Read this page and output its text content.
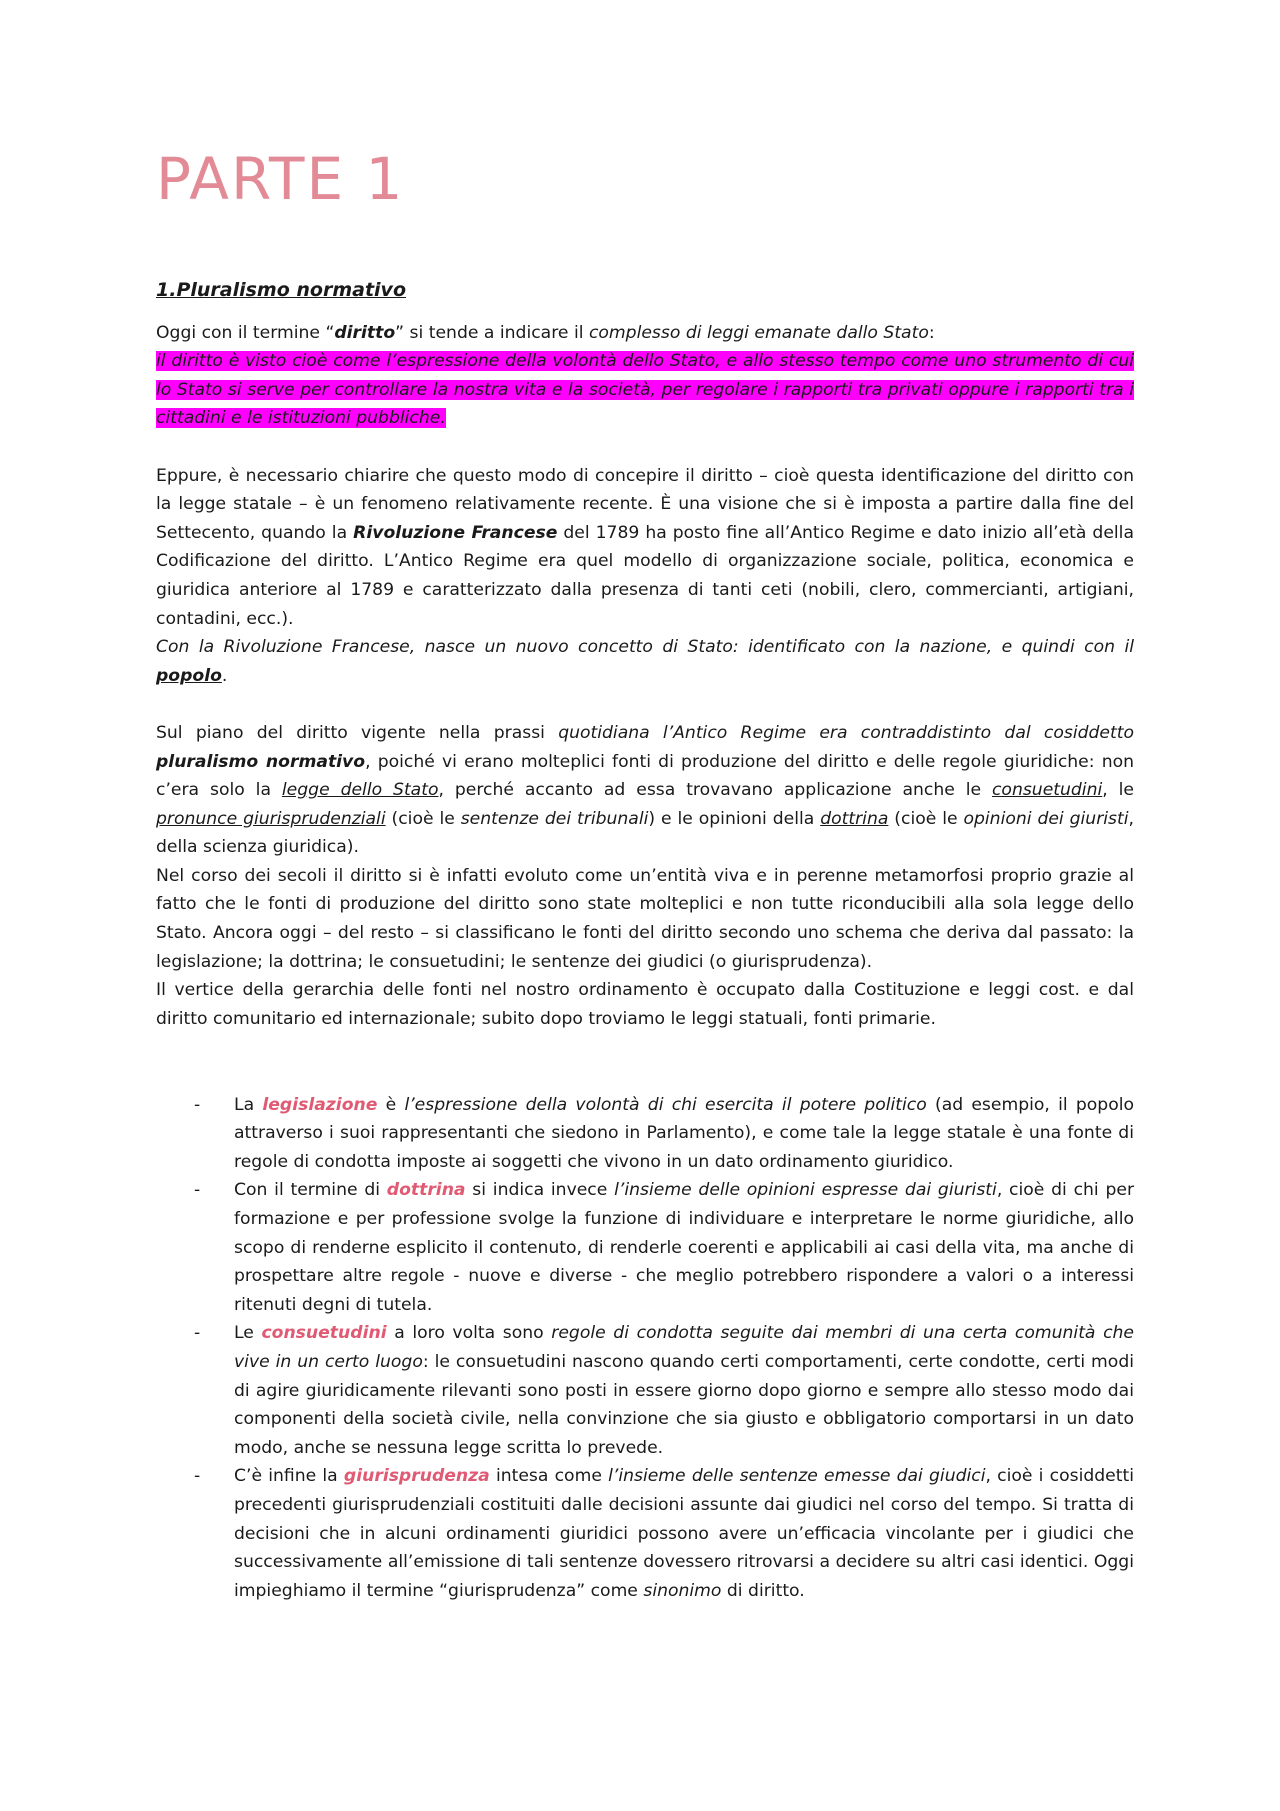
PARTE 1
1.Pluralismo normativo

Oggi con il termine “diritto” si tende a indicare il complesso di leggi emanate dallo Stato:

il diritto è visto cioè come l’espressione della volontà dello Stato, e allo stesso tempo come uno strumento di cui lo Stato si serve per controllare la nostra vita e la società, per regolare i rapporti tra privati oppure i rapporti tra i cittadini e le istituzioni pubbliche.

Eppure, è necessario chiarire che questo modo di concepire il diritto – cioè questa identificazione del diritto con la legge statale – è un fenomeno relativamente recente. È una visione che si è imposta a partire dalla fine del Settecento, quando la Rivoluzione Francese del 1789 ha posto fine all’Antico Regime e dato inizio all’età della Codificazione del diritto. L’Antico Regime era quel modello di organizzazione sociale, politica, economica e giuridica anteriore al 1789 e caratterizzato dalla presenza di tanti ceti (nobili, clero, commercianti, artigiani, contadini, ecc.).

Con la Rivoluzione Francese, nasce un nuovo concetto di Stato: identificato con la nazione, e quindi con il popolo.

Sul piano del diritto vigente nella prassi quotidiana l’Antico Regime era contraddistinto dal cosiddetto pluralismo normativo, poiché vi erano molteplici fonti di produzione del diritto e delle regole giuridiche: non c’era solo la legge dello Stato, perché accanto ad essa trovavano applicazione anche le consuetudini, le pronunce giurisprudenziali (cioè le sentenze dei tribunali) e le opinioni della dottrina (cioè le opinioni dei giuristi, della scienza giuridica).

Nel corso dei secoli il diritto si è infatti evoluto come un’entità viva e in perenne metamorfosi proprio grazie al fatto che le fonti di produzione del diritto sono state molteplici e non tutte riconducibili alla sola legge dello Stato. Ancora oggi – del resto – si classificano le fonti del diritto secondo uno schema che deriva dal passato: la legislazione; la dottrina; le consuetudini; le sentenze dei giudici (o giurisprudenza).

Il vertice della gerarchia delle fonti nel nostro ordinamento è occupato dalla Costituzione e leggi cost. e dal diritto comunitario ed internazionale; subito dopo troviamo le leggi statuali, fonti primarie.

- La legislazione è l’espressione della volontà di chi esercita il potere politico (ad esempio, il popolo attraverso i suoi rappresentanti che siedono in Parlamento), e come tale la legge statale è una fonte di regole di condotta imposte ai soggetti che vivono in un dato ordinamento giuridico.
- Con il termine di dottrina si indica invece l’insieme delle opinioni espresse dai giuristi, cioè di chi per formazione e per professione svolge la funzione di individuare e interpretare le norme giuridiche, allo scopo di renderne esplicito il contenuto, di renderle coerenti e applicabili ai casi della vita, ma anche di prospettare altre regole - nuove e diverse - che meglio potrebbero rispondere a valori o a interessi ritenuti degni di tutela.
- Le consuetudini a loro volta sono regole di condotta seguite dai membri di una certa comunità che vive in un certo luogo: le consuetudini nascono quando certi comportamenti, certe condotte, certi modi di agire giuridicamente rilevanti sono posti in essere giorno dopo giorno e sempre allo stesso modo dai componenti della società civile, nella convinzione che sia giusto e obbligatorio comportarsi in un dato modo, anche se nessuna legge scritta lo prevede.
- C’è infine la giurisprudenza intesa come l’insieme delle sentenze emesse dai giudici, cioè i cosiddetti precedenti giurisprudenziali costituiti dalle decisioni assunte dai giudici nel corso del tempo. Si tratta di decisioni che in alcuni ordinamenti giuridici possono avere un’efficacia vincolante per i giudici che successivamente all’emissione di tali sentenze dovessero ritrovarsi a decidere su altri casi identici. Oggi impieghiamo il termine “giurisprudenza” come sinonimo di diritto.
